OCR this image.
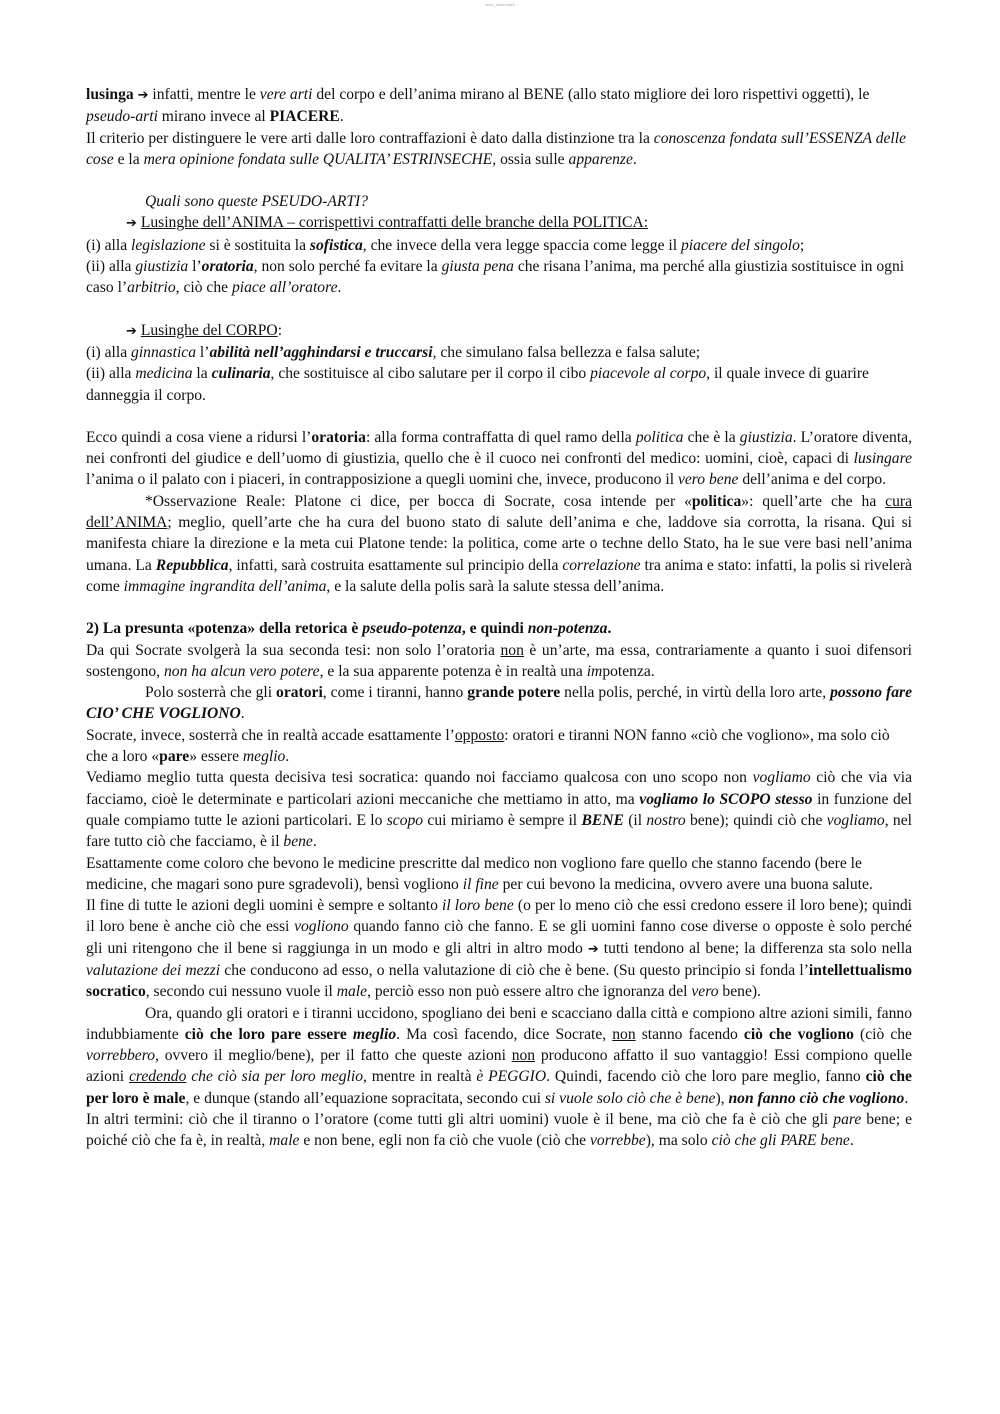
scan_watermark

lusinga ➔ infatti, mentre le vere arti del corpo e dell’anima mirano al BENE (allo stato migliore dei loro rispettivi oggetti), le pseudo-arti mirano invece al PIACERE.

Il criterio per distinguere le vere arti dalle loro contraffazioni è dato dalla distinzione tra la conoscenza fondata sull’ESSENZA delle cose e la mera opinione fondata sulle QUALITA’ ESTRINSECHE, ossia sulle apparenze.

Quali sono queste PSEUDO-ARTI?

➔ Lusinghe dell’ANIMA – corrispettivi contraffatti delle branche della POLITICA:

(i) alla legislazione si è sostituita la sofistica, che invece della vera legge spaccia come legge il piacere del singolo;

(ii) alla giustizia l’oratoria, non solo perché fa evitare la giusta pena che risana l’anima, ma perché alla giustizia sostituisce in ogni caso l’arbitrio, ciò che piace all’oratore.

➔ Lusinghe del CORPO:

(i) alla ginnastica l’abilità nell’agghindarsi e truccarsi, che simulano falsa bellezza e falsa salute;

(ii) alla medicina la culinaria, che sostituisce al cibo salutare per il corpo il cibo piacevole al corpo, il quale invece di guarire danneggia il corpo.

Ecco quindi a cosa viene a ridursi l’oratoria: alla forma contraffatta di quel ramo della politica che è la giustizia. L’oratore diventa, nei confronti del giudice e dell’uomo di giustizia, quello che è il cuoco nei confronti del medico: uomini, cioè, capaci di lusingare l’anima o il palato con i piaceri, in contrapposizione a quegli uomini che, invece, producono il vero bene dell’anima e del corpo.

*Osservazione Reale: Platone ci dice, per bocca di Socrate, cosa intende per «politica»: quell’arte che ha cura dell’ANIMA; meglio, quell’arte che ha cura del buono stato di salute dell’anima e che, laddove sia corrotta, la risana. Qui si manifesta chiare la direzione e la meta cui Platone tende: la politica, come arte o techne dello Stato, ha le sue vere basi nell’anima umana. La Repubblica, infatti, sarà costruita esattamente sul principio della correlazione tra anima e stato: infatti, la polis si rivelerà come immagine ingrandita dell’anima, e la salute della polis sarà la salute stessa dell’anima.

2) La presunta «potenza» della retorica è pseudo-potenza, e quindi non-potenza.

Da qui Socrate svolgerà la sua seconda tesi: non solo l’oratoria non è un’arte, ma essa, contrariamente a quanto i suoi difensori sostengono, non ha alcun vero potere, e la sua apparente potenza è in realtà una impotenza.

Polo sosterrà che gli oratori, come i tiranni, hanno grande potere nella polis, perché, in virtù della loro arte, possono fare CIO’ CHE VOGLIONO.

Socrate, invece, sosterrà che in realtà accade esattamente l’opposto: oratori e tiranni NON fanno «ciò che vogliono», ma solo ciò che a loro «pare» essere meglio.

Vediamo meglio tutta questa decisiva tesi socratica: quando noi facciamo qualcosa con uno scopo non vogliamo ciò che via via facciamo, cioè le determinate e particolari azioni meccaniche che mettiamo in atto, ma vogliamo lo SCOPO stesso in funzione del quale compiamo tutte le azioni particolari. E lo scopo cui miriamo è sempre il BENE (il nostro bene); quindi ciò che vogliamo, nel fare tutto ciò che facciamo, è il bene.

Esattamente come coloro che bevono le medicine prescritte dal medico non vogliono fare quello che stanno facendo (bere le medicine, che magari sono pure sgradevoli), bensì vogliono il fine per cui bevono la medicina, ovvero avere una buona salute.

Il fine di tutte le azioni degli uomini è sempre e soltanto il loro bene (o per lo meno ciò che essi credono essere il loro bene); quindi il loro bene è anche ciò che essi vogliono quando fanno ciò che fanno. E se gli uomini fanno cose diverse o opposte è solo perché gli uni ritengono che il bene si raggiunga in un modo e gli altri in altro modo ➔ tutti tendono al bene; la differenza sta solo nella valutazione dei mezzi che conducono ad esso, o nella valutazione di ciò che è bene. (Su questo principio si fonda l’intellettualismo socratico, secondo cui nessuno vuole il male, perciò esso non può essere altro che ignoranza del vero bene).

Ora, quando gli oratori e i tiranni uccidono, spogliano dei beni e scacciano dalla città e compiono altre azioni simili, fanno indubbiamente ciò che loro pare essere meglio. Ma così facendo, dice Socrate, non stanno facendo ciò che vogliono (ciò che vorrebbero, ovvero il meglio/bene), per il fatto che queste azioni non producono affatto il suo vantaggio! Essi compiono quelle azioni credendo che ciò sia per loro meglio, mentre in realtà è PEGGIO. Quindi, facendo ciò che loro pare meglio, fanno ciò che per loro è male, e dunque (stando all’equazione sopracitata, secondo cui si vuole solo ciò che è bene), non fanno ciò che vogliono.

In altri termini: ciò che il tiranno o l’oratore (come tutti gli altri uomini) vuole è il bene, ma ciò che fa è ciò che gli pare bene; e poiché ciò che fa è, in realtà, male e non bene, egli non fa ciò che vuole (ciò che vorrebbe), ma solo ciò che gli PARE bene.
